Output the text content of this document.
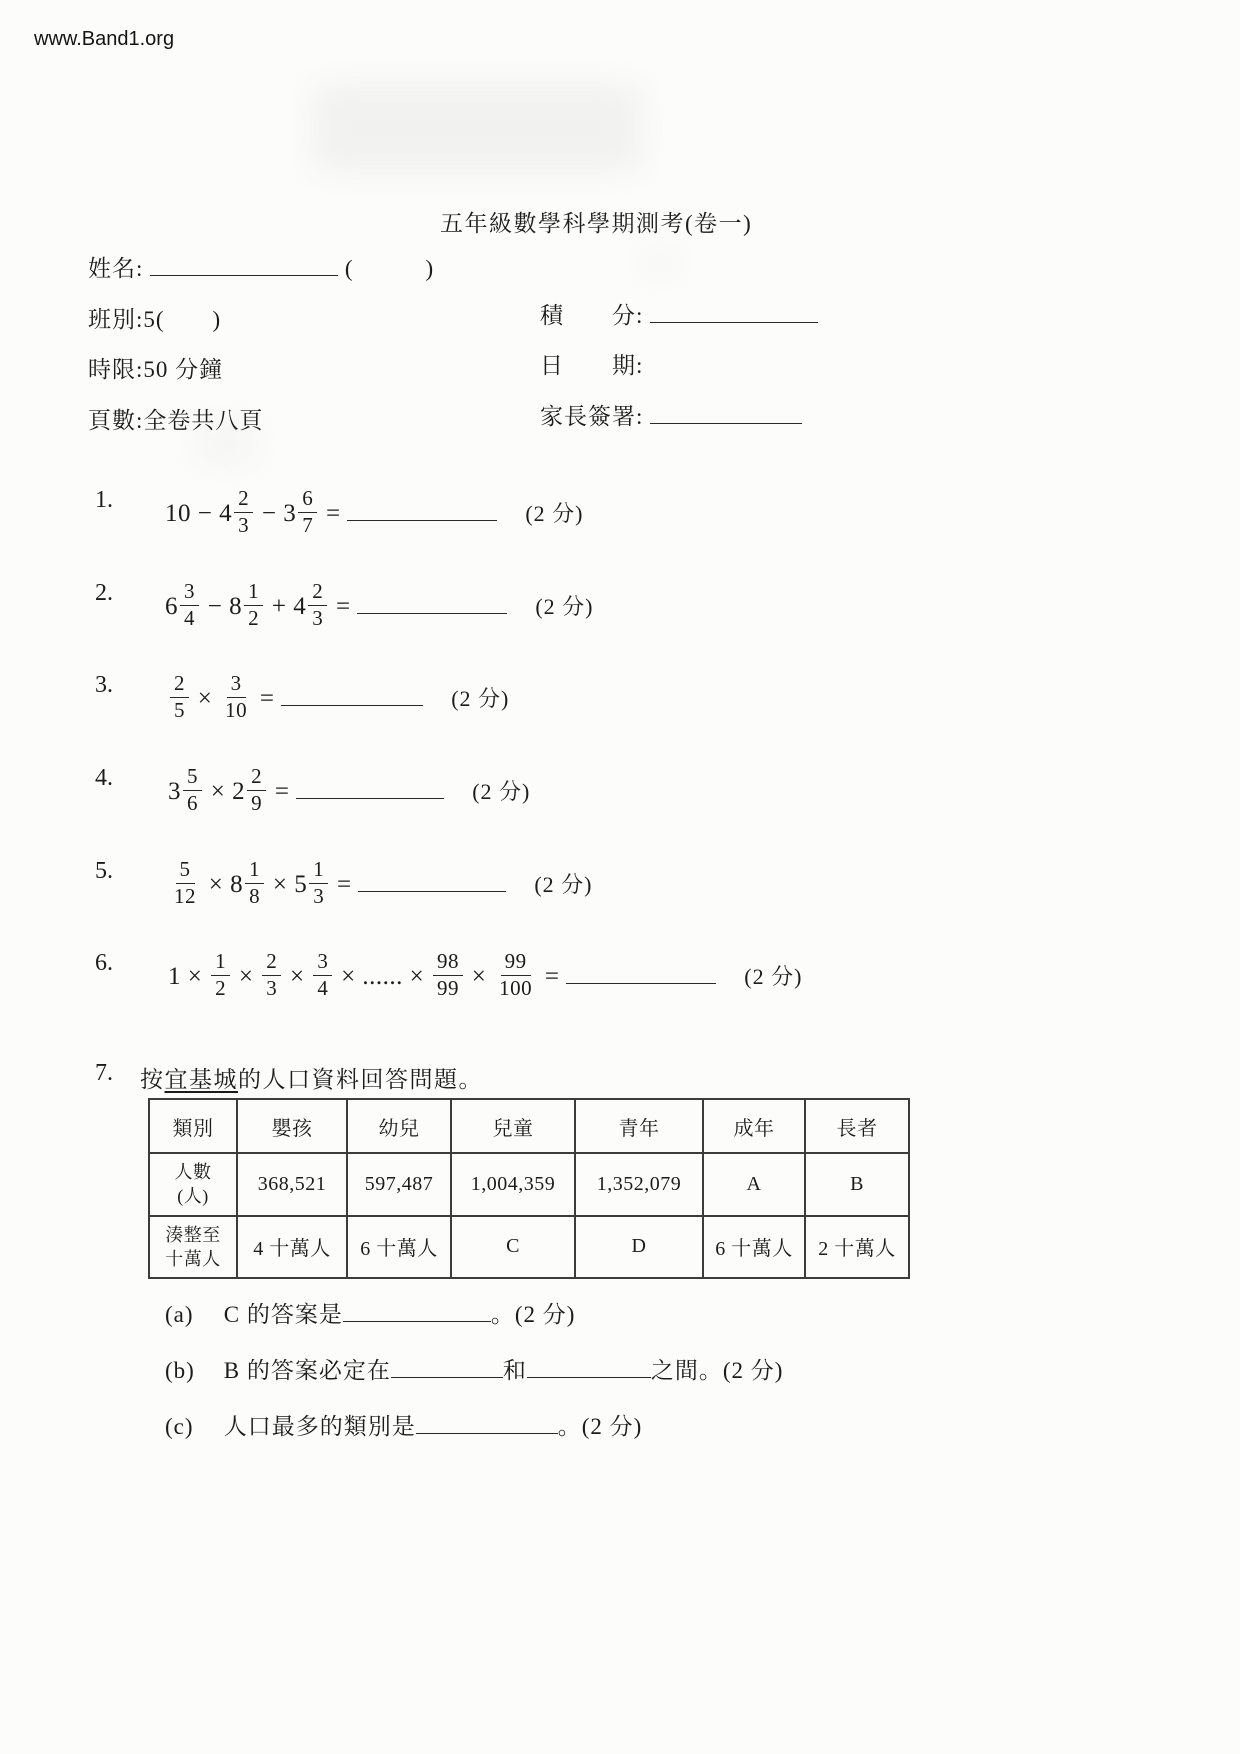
www.Band1.org
五年級數學科學期測考(卷一)
姓名:	(　　　)
班別:5(　　)
時限:50 分鐘
頁數:全卷共八頁
積　　分:
日　　期:
家長簽署:
1. $10 - 4 \frac{2}{3} - 3 \frac{6}{7}$ =	(2 分)
2. $6 \frac{3}{4} - 8 \frac{1}{2} + 4 \frac{2}{3}$ =	(2 分)
3.	$\frac{2}{5} \times \frac{3}{10}$ =	(2 分)
4. $3 \frac{5}{6} \times 2 \frac{2}{9}$ =	(2 分)
5.	$\frac{5}{12} \times 8 \frac{1}{8} \times 5 \frac{1}{3}$ =	(2 分)
6. $1 \times \frac{1}{2} \times \frac{2}{3} \times \frac{3}{4}$ × ...... × $\frac{98}{99} \times \frac{99}{100}$ =	(2 分)
7. 按宜基城的人口資料回答問題。
類別	嬰孩	幼兒	兒童	青年	成年	長者
人數
(人)	368,521	597,487	1,004,359	1,352,079	A	B
湊整至
十萬人	4 十萬人	6 十萬人	C	D	6 十萬人	2 十萬人
(a) C 的答案是	。(2 分)
(b) B 的答案必定在	和	之間。(2 分)
(c) 人口最多的類別是	。(2 分)
